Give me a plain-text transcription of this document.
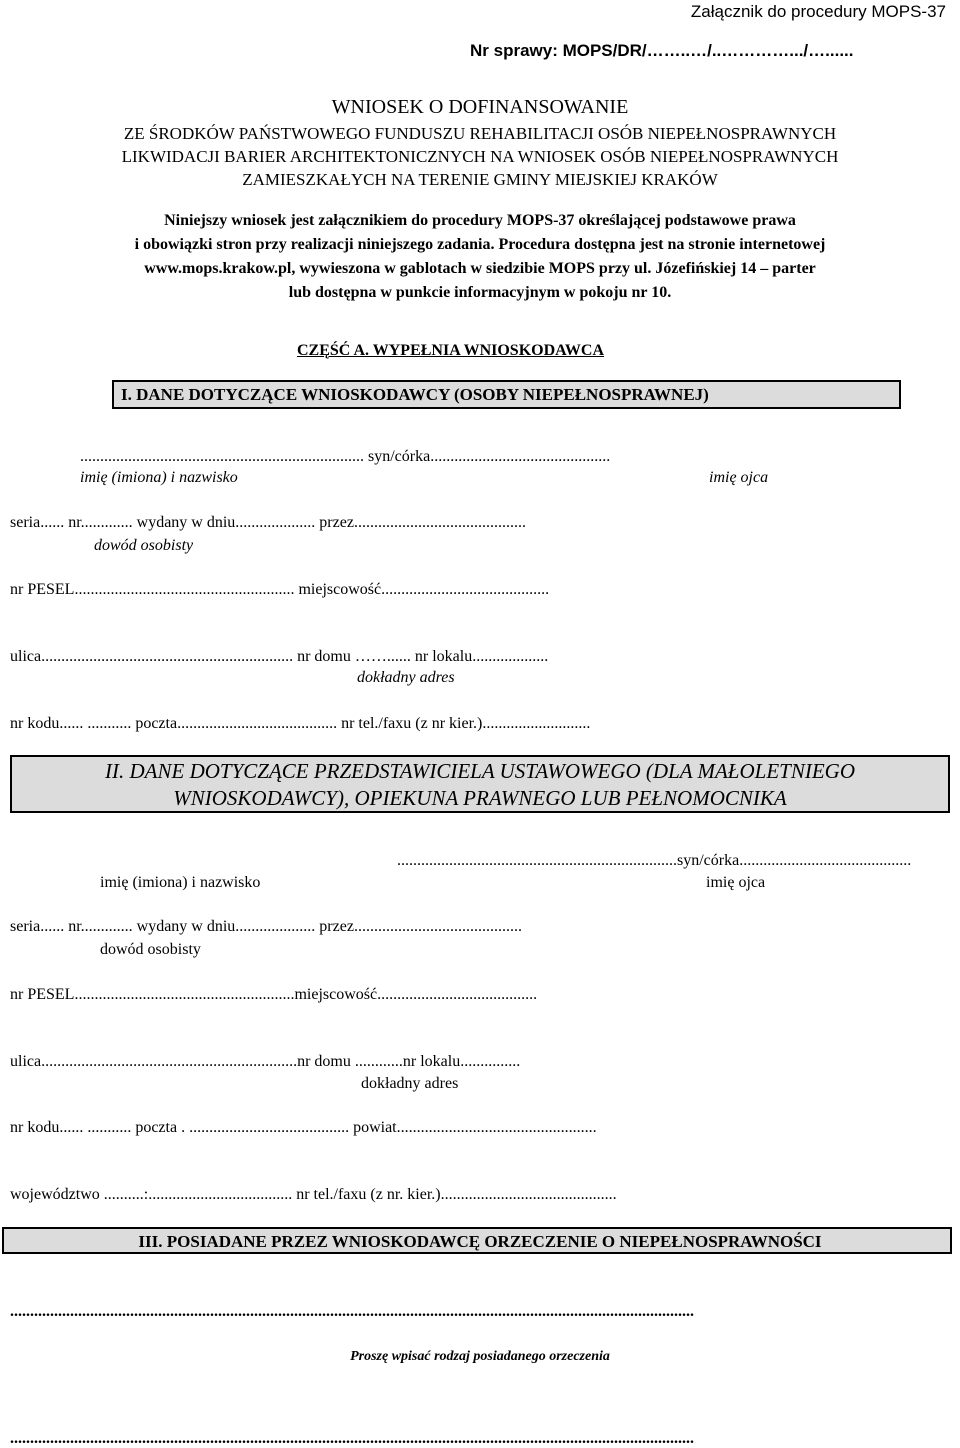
Załącznik do procedury MOPS-37
Nr sprawy: MOPS/DR/……..…/..………….../…......
WNIOSEK O DOFINANSOWANIE
ZE ŚRODKÓW PAŃSTWOWEGO FUNDUSZU REHABILITACJI OSÓB NIEPEŁNOSPRAWNYCH
LIKWIDACJI BARIER ARCHITEKTONICZNYCH NA WNIOSEK OSÓB NIEPEŁNOSPRAWNYCH
ZAMIESZKAŁYCH NA TERENIE GMINY MIEJSKIEJ KRAKÓW
Niniejszy wniosek jest załącznikiem do procedury MOPS-37 określającej podstawowe prawa
i obowiązki stron przy realizacji niniejszego zadania. Procedura dostępna jest na stronie internetowej
www.mops.krakow.pl, wywieszona w gablotach w siedzibie MOPS przy ul. Józefińskiej 14 – parter
lub dostępna w punkcie informacyjnym w pokoju nr 10.
CZĘŚĆ A. WYPEŁNIA WNIOSKODAWCA
I. DANE DOTYCZĄCE WNIOSKODAWCY (OSOBY NIEPEŁNOSPRAWNEJ)
....................................................................... syn/córka.............................................
imię (imiona) i nazwisko	imię ojca
seria...... nr............. wydany w dniu.................... przez...........................................
dowód osobisty
nr PESEL....................................................... miejscowość..........................................
ulica............................................................... nr domu ……...... nr lokalu...................
dokładny adres
nr kodu...... ........... poczta........................................ nr tel./faxu (z nr kier.)...........................
II. DANE DOTYCZĄCE PRZEDSTAWICIELA USTAWOWEGO (DLA MAŁOLETNIEGO
WNIOSKODAWCY), OPIEKUNA PRAWNEGO LUB PEŁNOMOCNIKA
......................................................................syn/córka...........................................
imię (imiona) i nazwisko	imię ojca
seria...... nr............. wydany w dniu.................... przez..........................................
dowód osobisty
nr PESEL.......................................................miejscowość........................................
ulica................................................................nr domu ............nr lokalu...............
dokładny adres
nr kodu...... ........... poczta . ........................................ powiat..................................................
województwo ..........:.................................... nr tel./faxu (z nr. kier.)............................................
III. POSIADANE PRZEZ WNIOSKODAWCĘ ORZECZENIE O NIEPEŁNOSPRAWNOŚCI
...........................................................................................................................................................................
Proszę wpisać rodzaj posiadanego orzeczenia
...........................................................................................................................................................................
